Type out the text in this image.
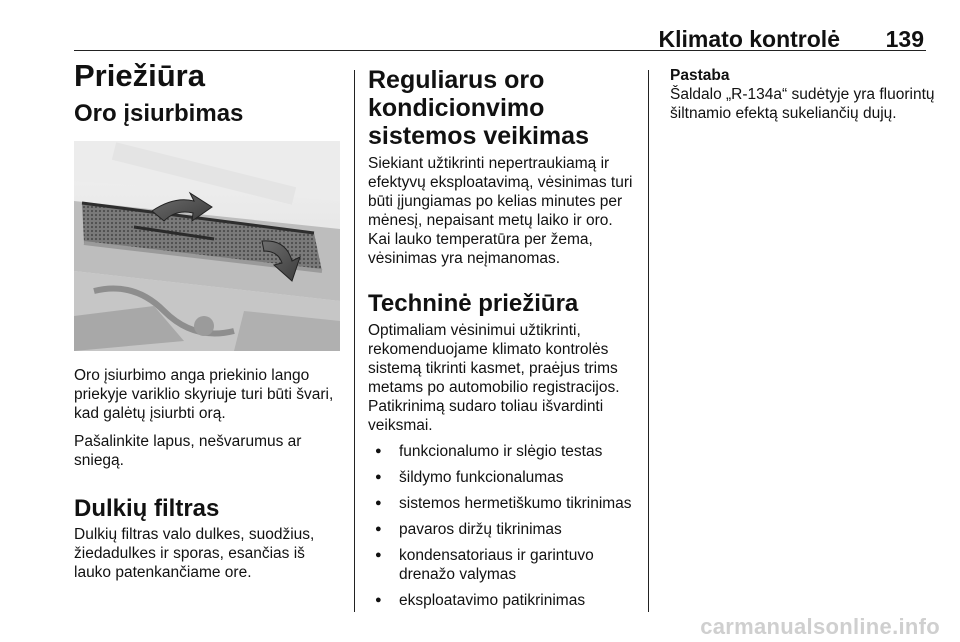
Klimato kontrolė 139
Priežiūra
Oro įsiurbimas

Oro įsiurbimo anga priekinio lango priekyje variklio skyriuje turi būti švari, kad galėtų įsiurbti orą.

Pašalinkite lapus, nešvarumus ar sniegą.

Dulkių filtras

Dulkių filtras valo dulkes, suodžius, žiedadulkes ir sporas, esančias iš lauko patenkančiame ore.

Reguliarus oro kondicionvimo sistemos veikimas

Siekiant užtikrinti nepertraukiamą ir efektyvų eksploatavimą, vėsinimas turi būti įjungiamas po kelias minutes per mėnesį, nepaisant metų laiko ir oro. Kai lauko temperatūra per žema, vėsinimas yra neįmanomas.

Techninė priežiūra

Optimaliam vėsinimui užtikrinti, rekomenduojame klimato kontrolės sistemą tikrinti kasmet, praėjus trims metams po automobilio registracijos. Patikrinimą sudaro toliau išvardinti veiksmai.

● funkcionalumo ir slėgio testas
● šildymo funkcionalumas
● sistemos hermetiškumo tikrinimas
● pavaros diržų tikrinimas
● kondensatoriaus ir garintuvo drenažo valymas
● eksploatavimo patikrinimas

Pastaba

Šaldalo „R-134a“ sudėtyje yra fluorintų šiltnamio efektą sukeliančių dujų.

carmanualsonline.info
